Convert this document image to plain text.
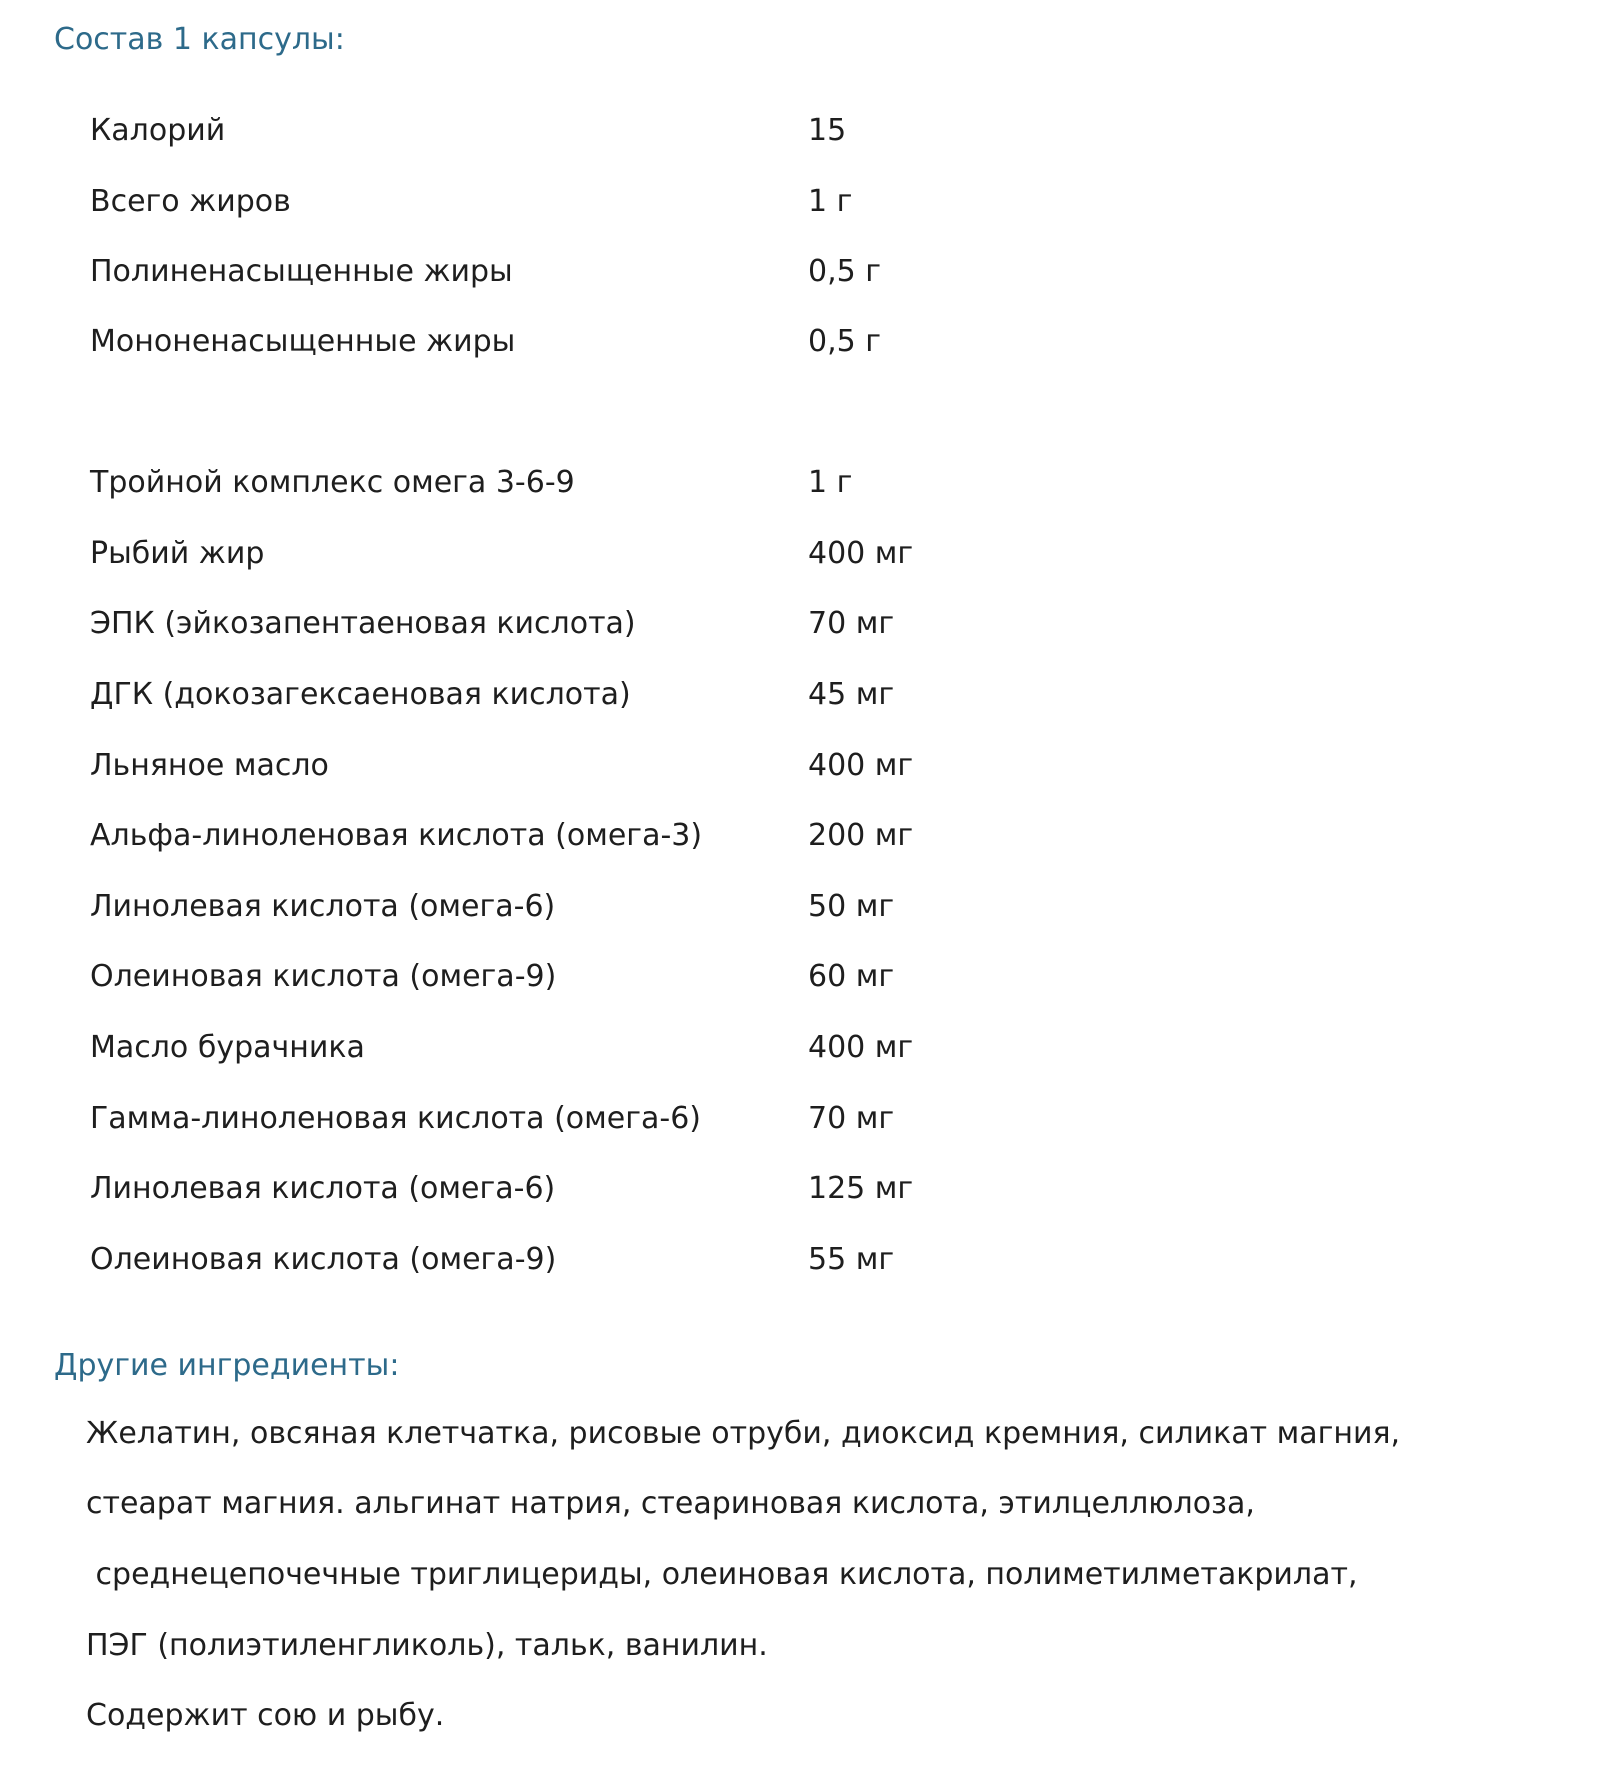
Состав 1 капсулы:
Калорий	15
Всего жиров	1 г
Полиненасыщенные жиры	0,5 г
Мононенасыщенные жиры	0,5 г
Тройной комплекс омега 3-6-9	1 г
Рыбий жир	400 мг
ЭПК (эйкозапентаеновая кислота)	70 мг
ДГК (докозагексаеновая кислота)	45 мг
Льняное масло	400 мг
Альфа-линоленовая кислота (омега-3)	200 мг
Линолевая кислота (омега-6)	50 мг
Олеиновая кислота (омега-9)	60 мг
Масло бурачника	400 мг
Гамма-линоленовая кислота (омега-6)	70 мг
Линолевая кислота (омега-6)	125 мг
Олеиновая кислота (омега-9)	55 мг
Другие ингредиенты:
Желатин, овсяная клетчатка, рисовые отруби, диоксид кремния, силикат магния,
стеарат магния. альгинат натрия, стеариновая кислота, этилцеллюлоза,
среднецепочечные триглицериды, олеиновая кислота, полиметилметакрилат,
ПЭГ (полиэтиленгликоль), тальк, ванилин.
Содержит сою и рыбу.
